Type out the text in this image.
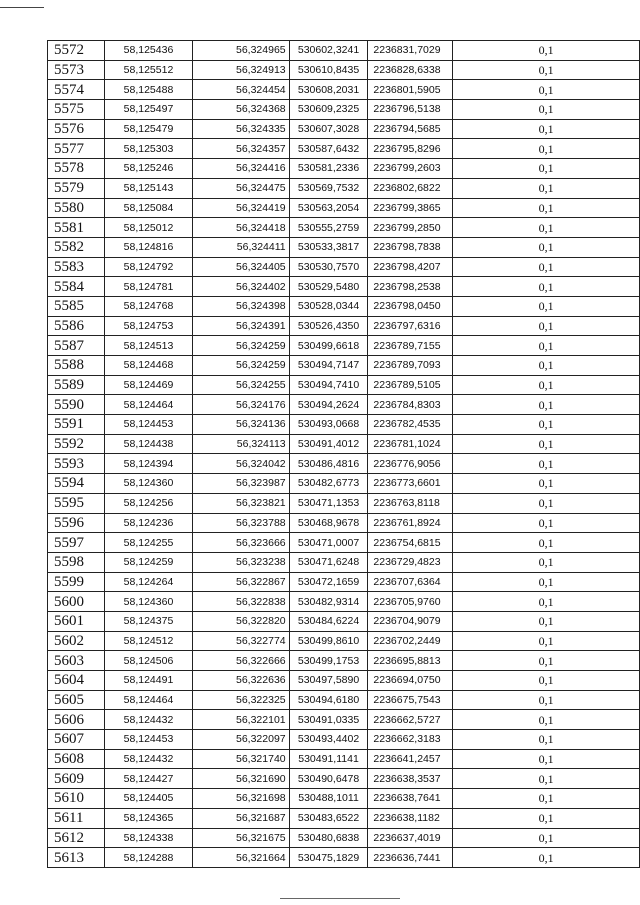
5572	58,125436	56,324965	530602,3241	2236831,7029	0,1
5573	58,125512	56,324913	530610,8435	2236828,6338	0,1
5574	58,125488	56,324454	530608,2031	2236801,5905	0,1
5575	58,125497	56,324368	530609,2325	2236796,5138	0,1
5576	58,125479	56,324335	530607,3028	2236794,5685	0,1
5577	58,125303	56,324357	530587,6432	2236795,8296	0,1
5578	58,125246	56,324416	530581,2336	2236799,2603	0,1
5579	58,125143	56,324475	530569,7532	2236802,6822	0,1
5580	58,125084	56,324419	530563,2054	2236799,3865	0,1
5581	58,125012	56,324418	530555,2759	2236799,2850	0,1
5582	58,124816	56,324411	530533,3817	2236798,7838	0,1
5583	58,124792	56,324405	530530,7570	2236798,4207	0,1
5584	58,124781	56,324402	530529,5480	2236798,2538	0,1
5585	58,124768	56,324398	530528,0344	2236798,0450	0,1
5586	58,124753	56,324391	530526,4350	2236797,6316	0,1
5587	58,124513	56,324259	530499,6618	2236789,7155	0,1
5588	58,124468	56,324259	530494,7147	2236789,7093	0,1
5589	58,124469	56,324255	530494,7410	2236789,5105	0,1
5590	58,124464	56,324176	530494,2624	2236784,8303	0,1
5591	58,124453	56,324136	530493,0668	2236782,4535	0,1
5592	58,124438	56,324113	530491,4012	2236781,1024	0,1
5593	58,124394	56,324042	530486,4816	2236776,9056	0,1
5594	58,124360	56,323987	530482,6773	2236773,6601	0,1
5595	58,124256	56,323821	530471,1353	2236763,8118	0,1
5596	58,124236	56,323788	530468,9678	2236761,8924	0,1
5597	58,124255	56,323666	530471,0007	2236754,6815	0,1
5598	58,124259	56,323238	530471,6248	2236729,4823	0,1
5599	58,124264	56,322867	530472,1659	2236707,6364	0,1
5600	58,124360	56,322838	530482,9314	2236705,9760	0,1
5601	58,124375	56,322820	530484,6224	2236704,9079	0,1
5602	58,124512	56,322774	530499,8610	2236702,2449	0,1
5603	58,124506	56,322666	530499,1753	2236695,8813	0,1
5604	58,124491	56,322636	530497,5890	2236694,0750	0,1
5605	58,124464	56,322325	530494,6180	2236675,7543	0,1
5606	58,124432	56,322101	530491,0335	2236662,5727	0,1
5607	58,124453	56,322097	530493,4402	2236662,3183	0,1
5608	58,124432	56,321740	530491,1141	2236641,2457	0,1
5609	58,124427	56,321690	530490,6478	2236638,3537	0,1
5610	58,124405	56,321698	530488,1011	2236638,7641	0,1
5611	58,124365	56,321687	530483,6522	2236638,1182	0,1
5612	58,124338	56,321675	530480,6838	2236637,4019	0,1
5613	58,124288	56,321664	530475,1829	2236636,7441	0,1
